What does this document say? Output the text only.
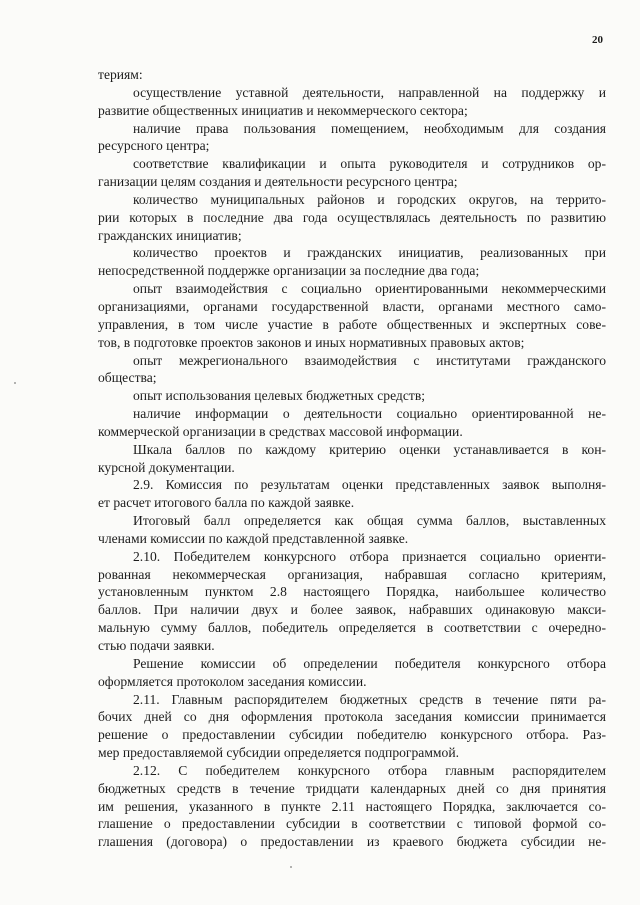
20
териям:
осуществление уставной деятельности, направленной на поддержку и
развитие общественных инициатив и некоммерческого сектора;
наличие права пользования помещением, необходимым для создания
ресурсного центра;
соответствие квалификации и опыта руководителя и сотрудников ор-
ганизации целям создания и деятельности ресурсного центра;
количество муниципальных районов и городских округов, на террито-
рии которых в последние два года осуществлялась деятельность по развитию
гражданских инициатив;
количество проектов и гражданских инициатив, реализованных при
непосредственной поддержке организации за последние два года;
опыт взаимодействия с социально ориентированными некоммерческими
организациями, органами государственной власти, органами местного само-
управления, в том числе участие в работе общественных и экспертных сове-
тов, в подготовке проектов законов и иных нормативных правовых актов;
опыт межрегионального взаимодействия с институтами гражданского
общества;
опыт использования целевых бюджетных средств;
наличие информации о деятельности социально ориентированной не-
коммерческой организации в средствах массовой информации.
Шкала баллов по каждому критерию оценки устанавливается в кон-
курсной документации.
2.9. Комиссия по результатам оценки представленных заявок выполня-
ет расчет итогового балла по каждой заявке.
Итоговый балл определяется как общая сумма баллов, выставленных
членами комиссии по каждой представленной заявке.
2.10. Победителем конкурсного отбора признается социально ориенти-
рованная некоммерческая организация, набравшая согласно критериям,
установленным пунктом 2.8 настоящего Порядка, наибольшее количество
баллов. При наличии двух и более заявок, набравших одинаковую макси-
мальную сумму баллов, победитель определяется в соответствии с очередно-
стью подачи заявки.
Решение комиссии об определении победителя конкурсного отбора
оформляется протоколом заседания комиссии.
2.11. Главным распорядителем бюджетных средств в течение пяти ра-
бочих дней со дня оформления протокола заседания комиссии принимается
решение о предоставлении субсидии победителю конкурсного отбора. Раз-
мер предоставляемой субсидии определяется подпрограммой.
2.12. С победителем конкурсного отбора главным распорядителем
бюджетных средств в течение тридцати календарных дней со дня принятия
им решения, указанного в пункте 2.11 настоящего Порядка, заключается со-
глашение о предоставлении субсидии в соответствии с типовой формой со-
глашения (договора) о предоставлении из краевого бюджета субсидии не-
